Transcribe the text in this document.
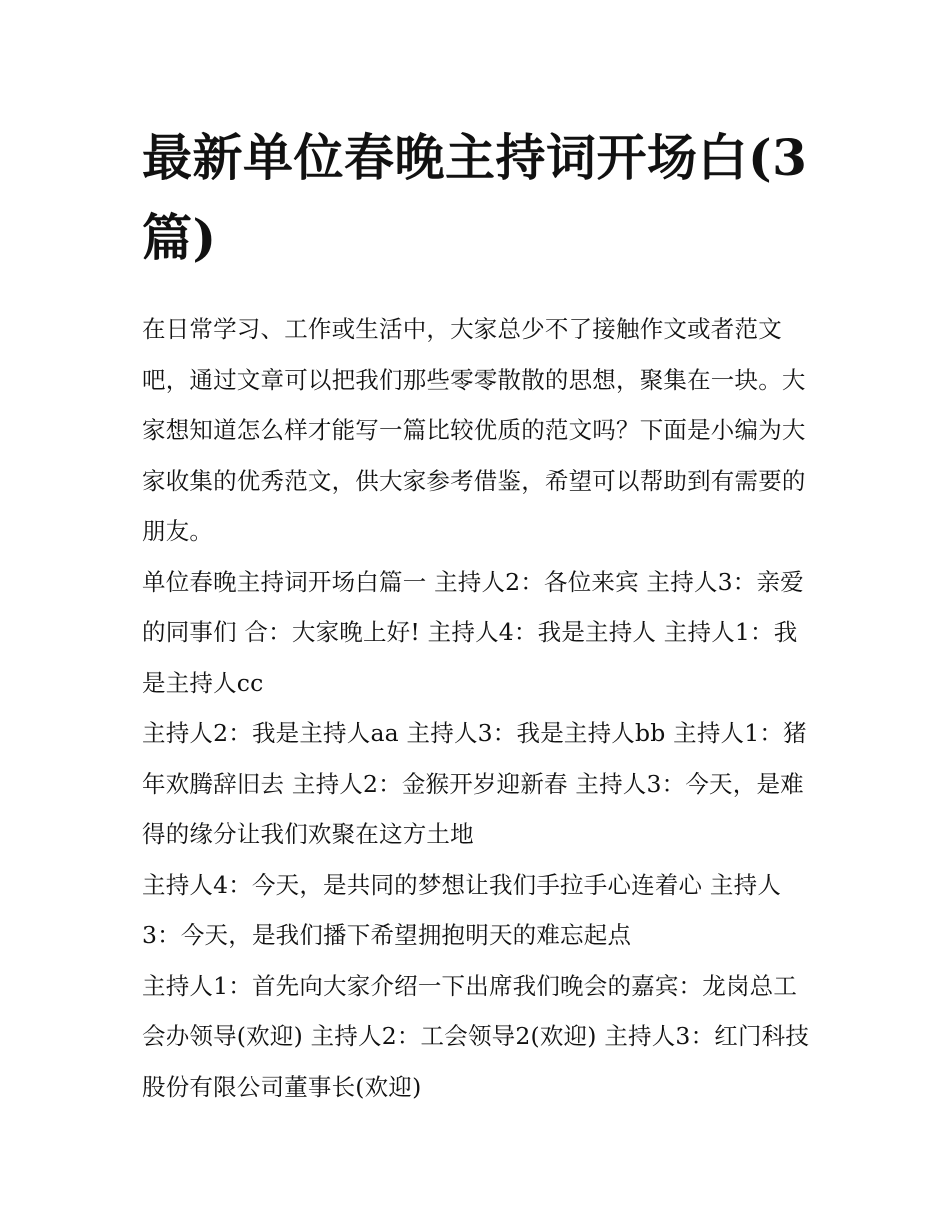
最新单位春晚主持词开场白(3篇)

在日常学习、工作或生活中，大家总少不了接触作文或者范文吧，通过文章可以把我们那些零零散散的思想，聚集在一块。大家想知道怎么样才能写一篇比较优质的范文吗？下面是小编为大家收集的优秀范文，供大家参考借鉴，希望可以帮助到有需要的朋友。

单位春晚主持词开场白篇一 主持人2：各位来宾 主持人3：亲爱的同事们 合：大家晚上好! 主持人4：我是主持人 主持人1：我是主持人cc

主持人2：我是主持人aa 主持人3：我是主持人bb 主持人1：猪年欢腾辞旧去 主持人2：金猴开岁迎新春 主持人3：今天，是难得的缘分让我们欢聚在这方土地

主持人4：今天，是共同的梦想让我们手拉手心连着心 主持人3：今天，是我们播下希望拥抱明天的难忘起点

主持人1：首先向大家介绍一下出席我们晚会的嘉宾：龙岗总工会办领导(欢迎) 主持人2：工会领导2(欢迎) 主持人3：红门科技股份有限公司董事长(欢迎)
